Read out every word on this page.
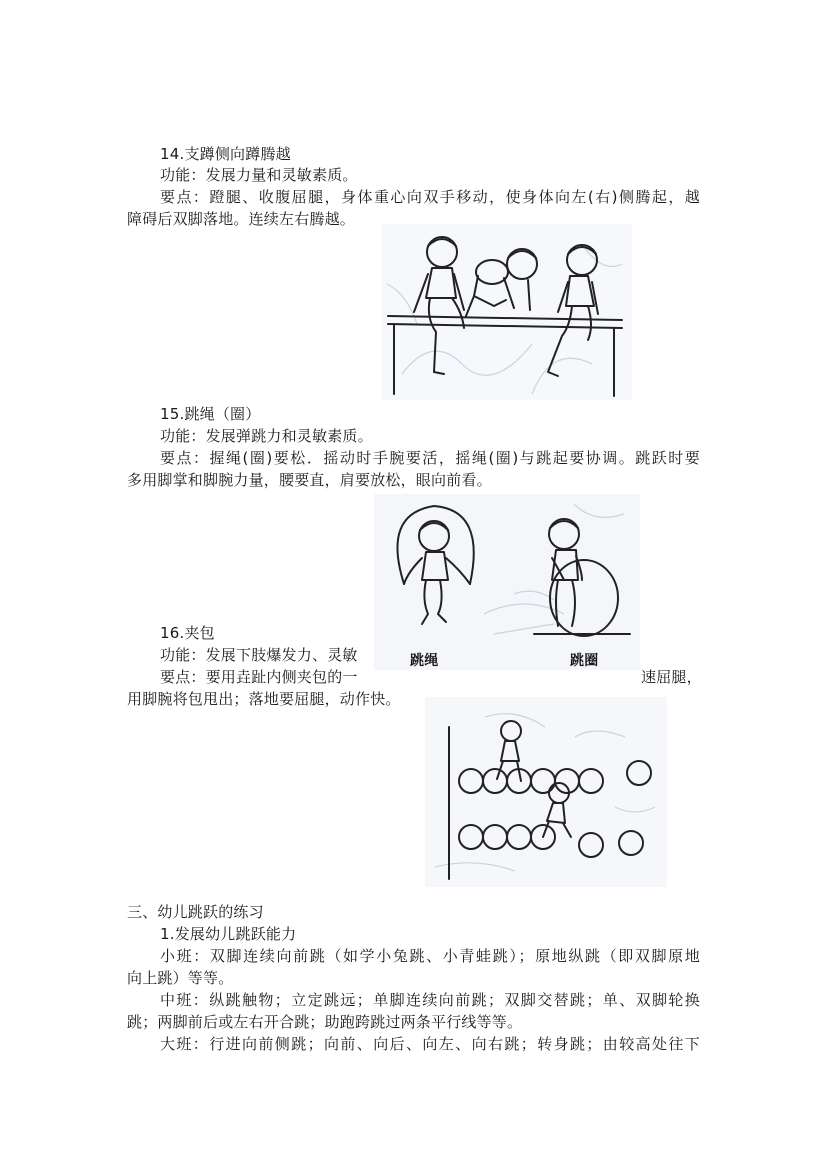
14.支蹲侧向蹲腾越
功能：发展力量和灵敏素质。
要点：蹬腿、收腹屈腿，身体重心向双手移动，使身体向左(右)侧腾起，越
障碍后双脚落地。连续左右腾越。
15.跳绳（圈）
功能：发展弹跳力和灵敏素质。
要点：握绳(圈)要松．摇动时手腕要活，摇绳(圈)与跳起要协调。跳跃时要
多用脚掌和脚腕力量，腰要直，肩要放松，眼向前看。
跳绳	跳圈
16.夹包
功能：发展下肢爆发力、灵敏
要点：要用垚趾内侧夹包的一	速屈腿，
用脚腕将包甩出；落地要屈腿，动作快。
三、幼儿跳跃的练习
1.发展幼儿跳跃能力
小班：双脚连续向前跳（如学小兔跳、小青蛙跳）；原地纵跳（即双脚原地
向上跳）等等。
中班：纵跳触物；立定跳远；单脚连续向前跳；双脚交替跳；单、双脚轮换
跳；两脚前后或左右开合跳；助跑跨跳过两条平行线等等。
大班：行进向前侧跳；向前、向后、向左、向右跳；转身跳；由较高处往下
